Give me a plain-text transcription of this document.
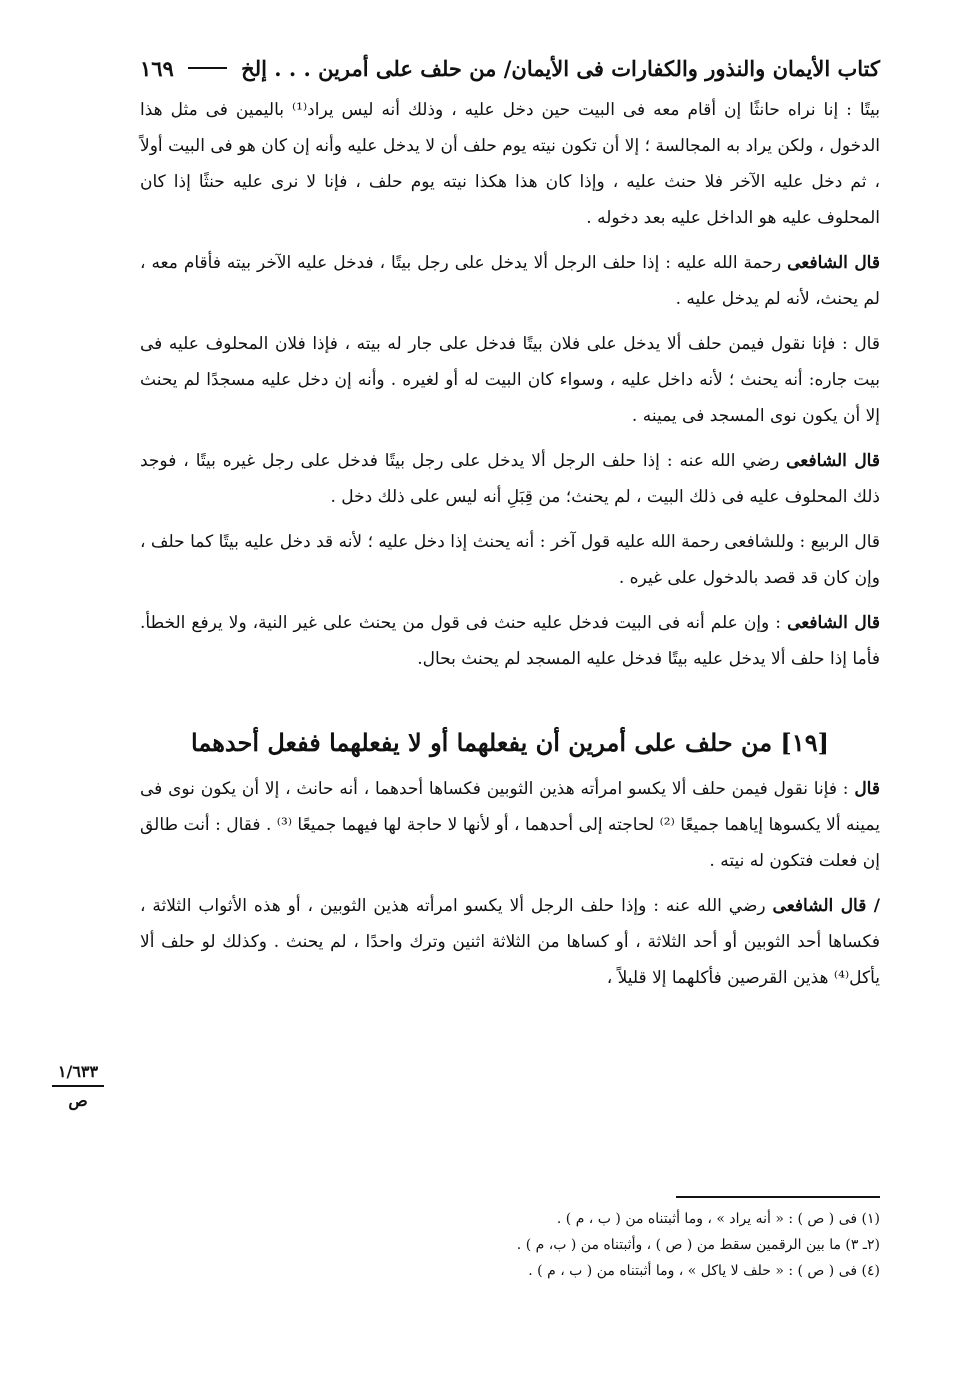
كتاب الأيمان والنذور والكفارات فى الأيمان/ من حلف على أمرين . . . إلخ
١٦٩

بيتًا : إنا نراه حانثًا إن أقام معه فى البيت حين دخل عليه ، وذلك أنه ليس يراد⁽¹⁾ باليمين فى مثل هذا الدخول ، ولكن يراد به المجالسة ؛ إلا أن تكون نيته يوم حلف أن لا يدخل عليه وأنه إن كان هو فى البيت أولاً ، ثم دخل عليه الآخر فلا حنث عليه ، وإذا كان هذا هكذا نيته يوم حلف ، فإنا لا نرى عليه حنثًا إذا كان المحلوف عليه هو الداخل عليه بعد دخوله .

قال الشافعى رحمة الله عليه : إذا حلف الرجل ألا يدخل على رجل بيتًا ، فدخل عليه الآخر بيته فأقام معه ، لم يحنث، لأنه لم يدخل عليه .

قال : فإنا نقول فيمن حلف ألا يدخل على فلان بيتًا فدخل على جار له بيته ، فإذا فلان المحلوف عليه فى بيت جاره: أنه يحنث ؛ لأنه داخل عليه ، وسواء كان البيت له أو لغيره . وأنه إن دخل عليه مسجدًا لم يحنث إلا أن يكون نوى المسجد فى يمينه .

قال الشافعى رضي الله عنه : إذا حلف الرجل ألا يدخل على رجل بيتًا فدخل على رجل غيره بيتًا ، فوجد ذلك المحلوف عليه فى ذلك البيت ، لم يحنث؛ من قِبَلِ أنه ليس على ذلك دخل .

قال الربيع : وللشافعى رحمة الله عليه قول آخر : أنه يحنث إذا دخل عليه ؛ لأنه قد دخل عليه بيتًا كما حلف ، وإن كان قد قصد بالدخول على غيره .

قال الشافعى : وإن علم أنه فى البيت فدخل عليه حنث فى قول من يحنث على غير النية، ولا يرفع الخطأ. فأما إذا حلف ألا يدخل عليه بيتًا فدخل عليه المسجد لم يحنث بحال.

[١٩] من حلف على أمرين أن يفعلهما أو لا يفعلهما ففعل أحدهما

قال : فإنا نقول فيمن حلف ألا يكسو امرأته هذين الثوبين فكساها أحدهما ، أنه حانث ، إلا أن يكون نوى فى يمينه ألا يكسوها إياهما جميعًا ⁽²⁾ لحاجته إلى أحدهما ، أو لأنها لا حاجة لها فيهما جميعًا ⁽³⁾ . فقال : أنت طالق إن فعلت فتكون له نيته .

/ قال الشافعى رضي الله عنه : وإذا حلف الرجل ألا يكسو امرأته هذين الثوبين ، أو هذه الأثواب الثلاثة ، فكساها أحد الثوبين أو أحد الثلاثة ، أو كساها من الثلاثة اثنين وترك واحدًا ، لم يحنث . وكذلك لو حلف ألا يأكل⁽⁴⁾ هذين القرصين فأكلهما إلا قليلاً ،

١/٦٣٣
ص

(١) فى ( ص ) : « أنه يراد » ، وما أثبتناه من ( ب ، م ) .

(٢ـ ٣) ما بين الرقمين سقط من ( ص ) ، وأثبتناه من ( ب، م ) .

(٤) فى ( ص ) : « حلف لا ياكل » ، وما أثبتناه من ( ب ، م ) .
